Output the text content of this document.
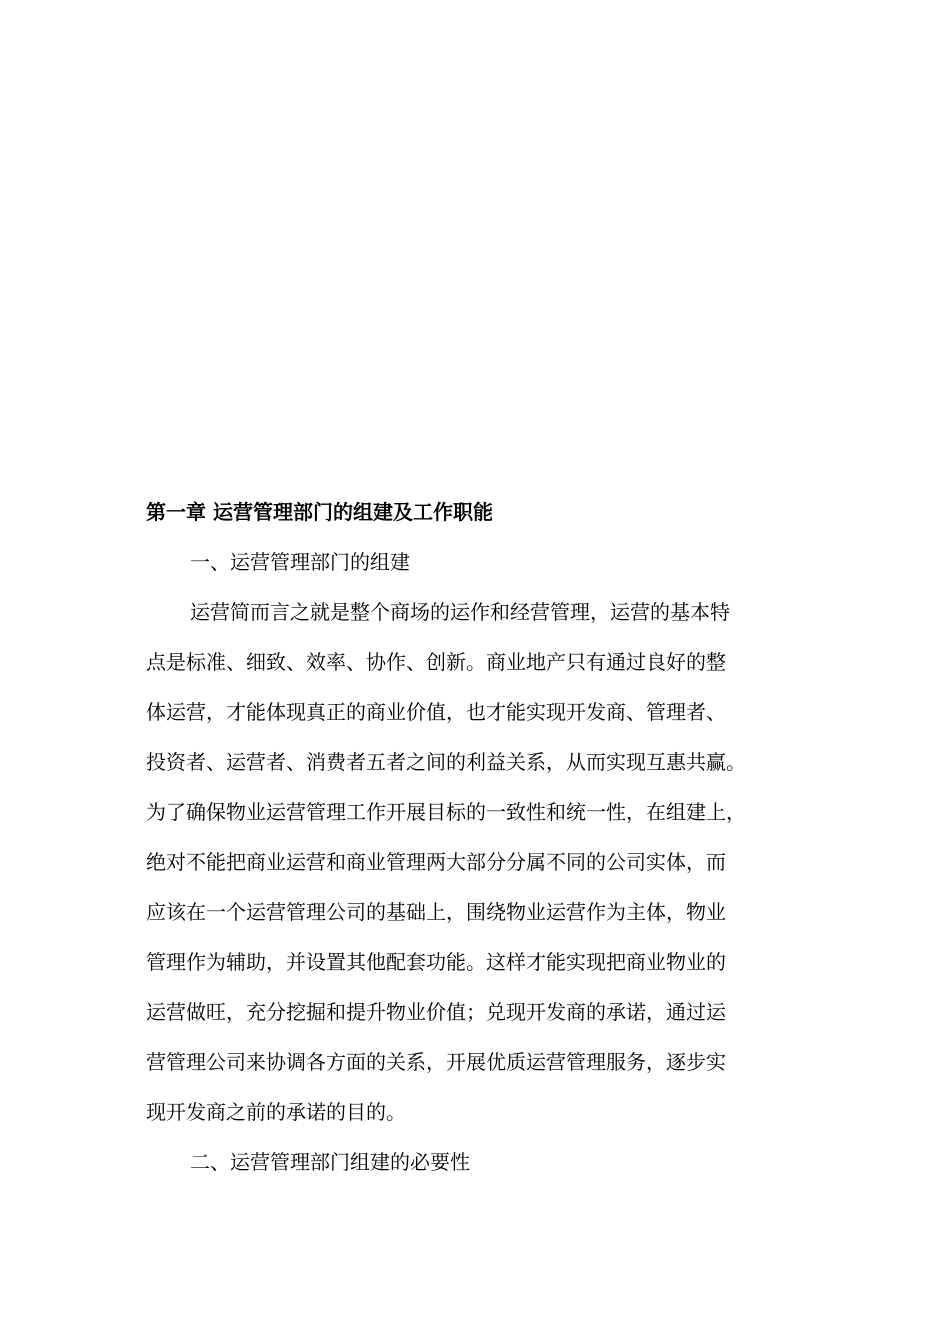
第一章 运营管理部门的组建及工作职能
一、运营管理部门的组建
运营简而言之就是整个商场的运作和经营管理，运营的基本特
点是标准、细致、效率、协作、创新。商业地产只有通过良好的整
体运营，才能体现真正的商业价值，也才能实现开发商、管理者、
投资者、运营者、消费者五者之间的利益关系，从而实现互惠共赢。
为了确保物业运营管理工作开展目标的一致性和统一性，在组建上，
绝对不能把商业运营和商业管理两大部分分属不同的公司实体，而
应该在一个运营管理公司的基础上，围绕物业运营作为主体，物业
管理作为辅助，并设置其他配套功能。这样才能实现把商业物业的
运营做旺，充分挖掘和提升物业价值；兑现开发商的承诺，通过运
营管理公司来协调各方面的关系，开展优质运营管理服务，逐步实
现开发商之前的承诺的目的。
二、运营管理部门组建的必要性
